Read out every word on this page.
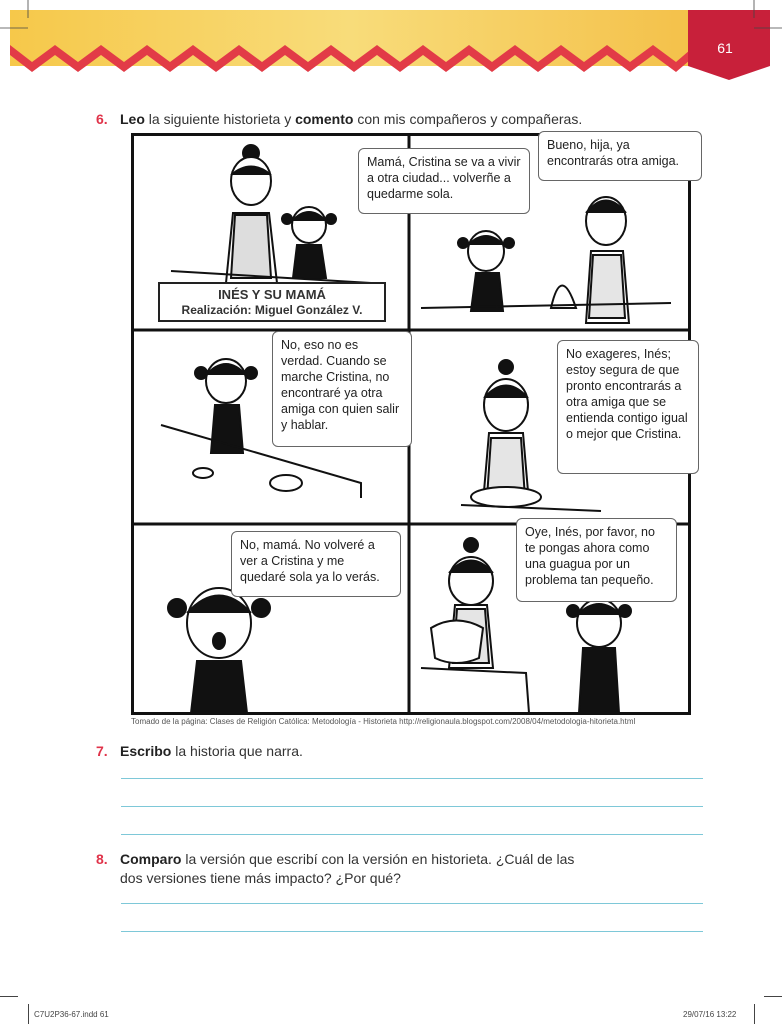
61
6. Leo la siguiente historieta y comento con mis compañeros y compañeras.
INÉS Y SU MAMÁ
Realización: Miguel González V.
Mamá, Cristina se va a vivir a otra ciudad... volverñe a quedarme sola.
Bueno, hija, ya encontrarás otra amiga.
No, eso no es verdad. Cuando se marche Cristina, no encontraré ya otra amiga con quien salir y hablar.
No exageres, Inés; estoy segura de que pronto encontrarás a otra amiga que se entienda contigo igual o mejor que Cristina.
No, mamá. No volveré a ver a Cristina y me quedaré sola ya lo verás.
Oye, Inés, por favor, no te pongas ahora como una guagua por un problema tan pequeño.
Tomado de la página: Clases de Religión Católica: Metodología - Historieta http://religionaula.blogspot.com/2008/04/metodologia-hitorieta.html
7. Escribo la historia que narra.
8. Comparo la versión que escribí con la versión en historieta. ¿Cuál de las
dos versiones tiene más impacto? ¿Por qué?
C7U2P36-67.indd 61	29/07/16 13:22
